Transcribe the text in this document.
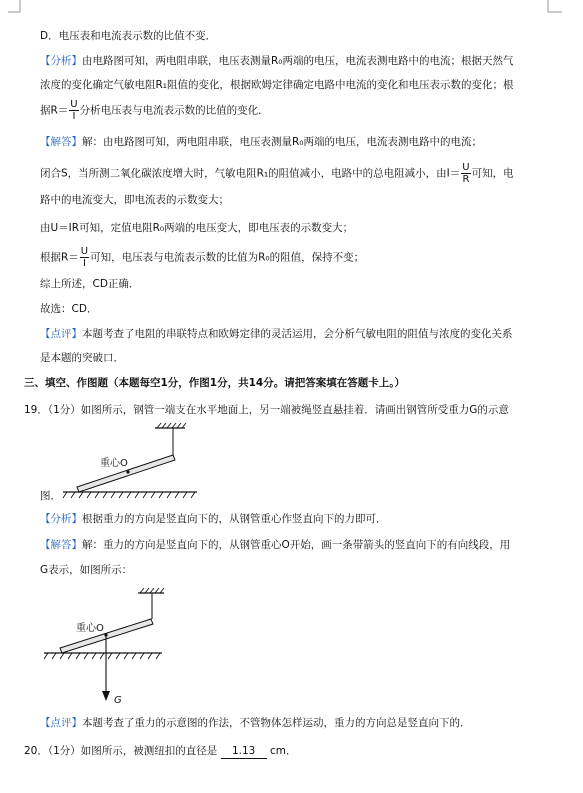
D．电压表和电流表示数的比值不变．
【分析】由电路图可知，两电阻串联，电压表测量R₀两端的电压，电流表测电路中的电流；根据天然气
浓度的变化确定气敏电阻R₁阻值的变化，根据欧姆定律确定电路中电流的变化和电压表示数的变化；根
据$R= \frac{U}{I}$ 分析电压表与电流表示数的比值的变化．
【解答】解：由电路图可知，两电阻串联，电压表测量R₀两端的电压，电流表测电路中的电流；
闭合S，当所测二氧化碳浓度增大时，气敏电阻R₁的阻值减小，电路中的总电阻减小，由$I= \frac{U}{R}$ 可知，电
路中的电流变大，即电流表的示数变大；
由U＝IR可知，定值电阻R₀两端的电压变大，即电压表的示数变大；
根据$R= \frac{U}{I}$ 可知，电压表与电流表示数的比值为R₀的阻值，保持不变；
综上所述，CD正确．
故选：CD．
【点评】本题考查了电阻的串联特点和欧姆定律的灵活运用，会分析气敏电阻的阻值与浓度的变化关系
是本题的突破口．
三、填空、作图题（本题每空1分，作图1分，共14分。请把答案填在答题卡上。）
19．（1分）如图所示，钢管一端支在水平地面上，另一端被绳竖直悬挂着．请画出钢管所受重力G的示意
重心O
图．
【分析】根据重力的方向是竖直向下的，从钢管重心作竖直向下的力即可．
【解答】解：重力的方向是竖直向下的，从钢管重心O开始，画一条带箭头的竖直向下的有向线段，用
G表示，如图所示：
重心O
G
【点评】本题考查了重力的示意图的作法，不管物体怎样运动，重力的方向总是竖直向下的．
20．（1分）如图所示，被测纽扣的直径是 1.13 cm．
